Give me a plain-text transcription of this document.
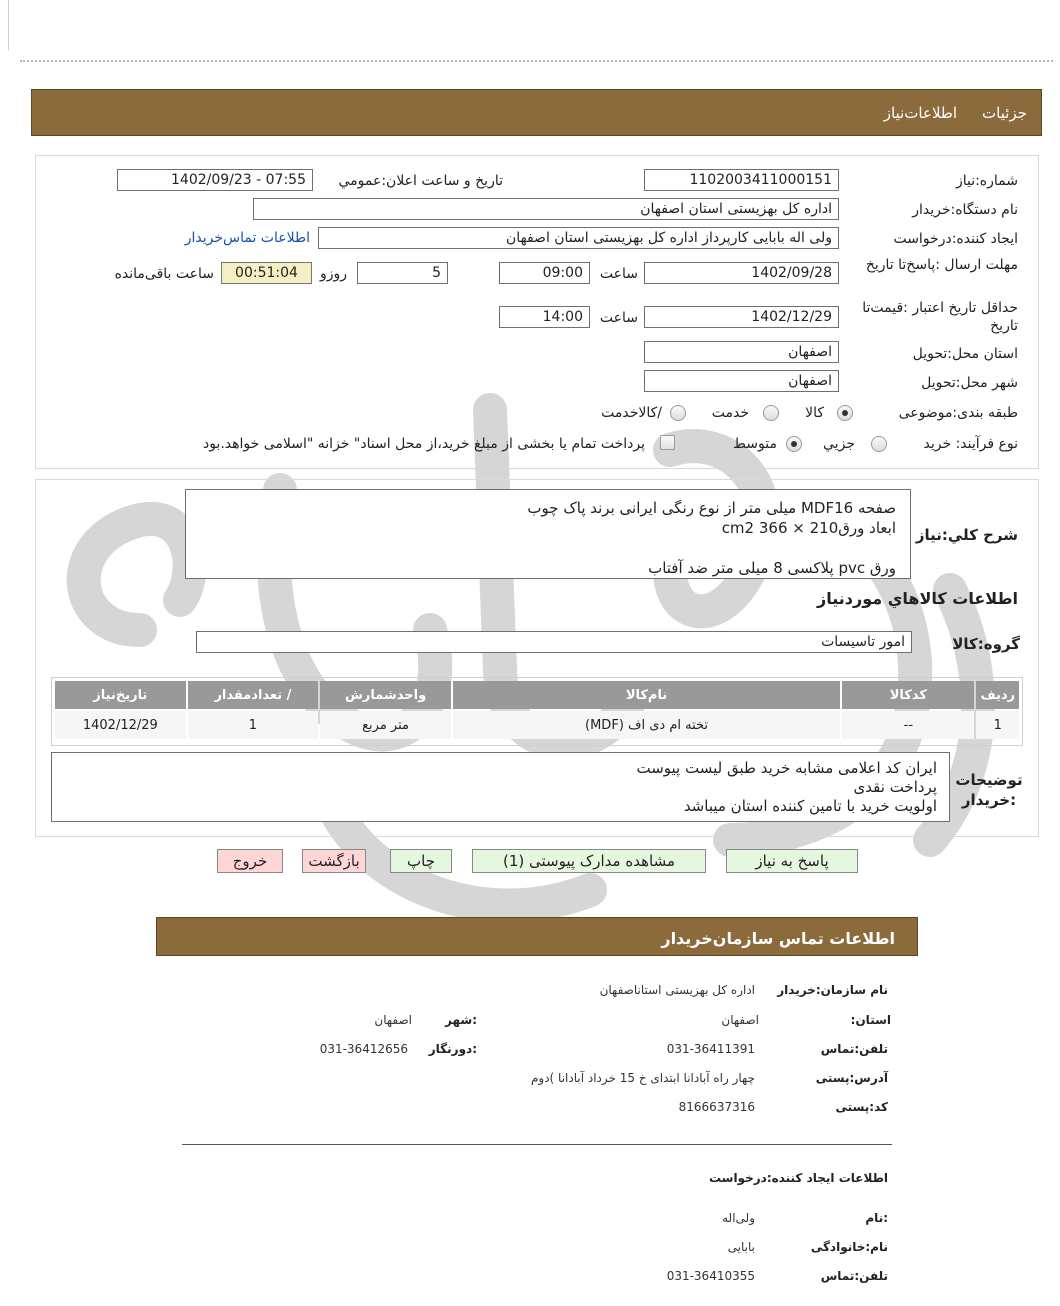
جزئیات
اطلاعات‌نیاز
شماره:نیاز
1102003411000151
تاریخ و ساعت اعلان:عمومي
1402/09/23 - 07:55
نام دستگاه:خریدار
اداره کل بهزیستی استان اصفهان
ایجاد کننده:درخواست
ولی اله بابایی کارپرداز اداره کل بهزیستی استان اصفهان
اطلاعات تماس‌خریدار
مهلت ارسال :پاسخ‌تا تاریخ
1402/09/28
ساعت
09:00
5
روزو
00:51:04
ساعت باقی‌مانده
حداقل تاریخ اعتبار :قیمت‌تا تاریخ
1402/12/29
ساعت
14:00
استان محل:تحویل
اصفهان
شهر محل:تحویل
اصفهان
طبقه بندی:موضوعی
کالا
خدمت
/کالاخدمت
نوع فرآیند: خرید
جزيي
متوسط
پرداخت تمام یا بخشی از مبلغ خرید،از محل اسناد" خزانه "اسلامی خواهد.بود
شرح کلي:نیاز
صفحه MDF16 میلی متر از نوع رنگی ایرانی برند پاک چوب
ابعاد ورق210 × 366 cm2
ورق pvc پلاکسی 8 میلی متر ضد آفتاب
اطلاعات کالاهاي موردنیاز
گروه:کالا
امور تاسیسات
ردیف	کدکالا	نام‌کالا	واحدشمارش	/ تعدادمقدار	تاریخ‌نیاز
1	--	تخته ام دی اف (MDF)	متر مربع	1	1402/12/29
توضیحات :خریدار
ایران کد اعلامی مشابه خرید طبق لیست پیوست
پرداخت نقدی
اولویت خرید با تامین کننده استان میباشد
پاسخ به نیاز
مشاهده مدارک پیوستی (1)
چاپ
بازگشت
خروج
اطلاعات تماس سازمان‌خریدار
نام سازمان:خریدار
اداره کل بهزیستی استاناصفهان
استان:
اصفهان
:شهر
اصفهان
تلفن:تماس
031-36411391
:دورنگار
031-36412656
آدرس:پستی
چهار راه آبادانا ابتدای خ 15 خرداد آبادانا )دوم
کد:پستی
8166637316
اطلاعات ایجاد کننده:درخواست
:نام
ولی‌اله
نام:خانوادگی
بابایی
تلفن:تماس
031-36410355
